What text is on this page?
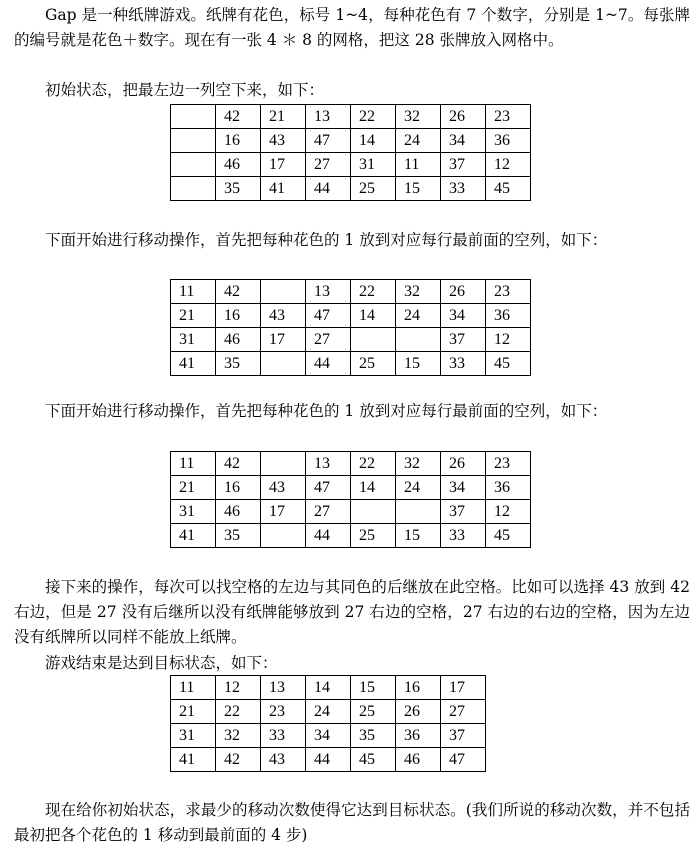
Gap 是一种纸牌游戏。纸牌有花色，标号 1~4，每种花色有 7 个数字，分别是 1~7。每张牌的编号就是花色＋数字。现在有一张 4 ＊ 8 的网格，把这 28 张牌放入网格中。

初始状态，把最左边一列空下来，如下：

	42	21	13	22	32	26	23
	16	43	47	14	24	34	36
	46	17	27	31	11	37	12
	35	41	44	25	15	33	45

下面开始进行移动操作，首先把每种花色的 1 放到对应每行最前面的空列，如下：

11	42		13	22	32	26	23
21	16	43	47	14	24	34	36
31	46	17	27			37	12
41	35		44	25	15	33	45

下面开始进行移动操作，首先把每种花色的 1 放到对应每行最前面的空列，如下：

11	42		13	22	32	26	23
21	16	43	47	14	24	34	36
31	46	17	27			37	12
41	35		44	25	15	33	45

接下来的操作，每次可以找空格的左边与其同色的后继放在此空格。比如可以选择 43 放到 42 右边，但是 27 没有后继所以没有纸牌能够放到 27 右边的空格，27 右边的右边的空格，因为左边没有纸牌所以同样不能放上纸牌。

游戏结束是达到目标状态，如下：

11	12	13	14	15	16	17
21	22	23	24	25	26	27
31	32	33	34	35	36	37
41	42	43	44	45	46	47

现在给你初始状态，求最少的移动次数使得它达到目标状态。(我们所说的移动次数，并不包括最初把各个花色的 1 移动到最前面的 4 步)
